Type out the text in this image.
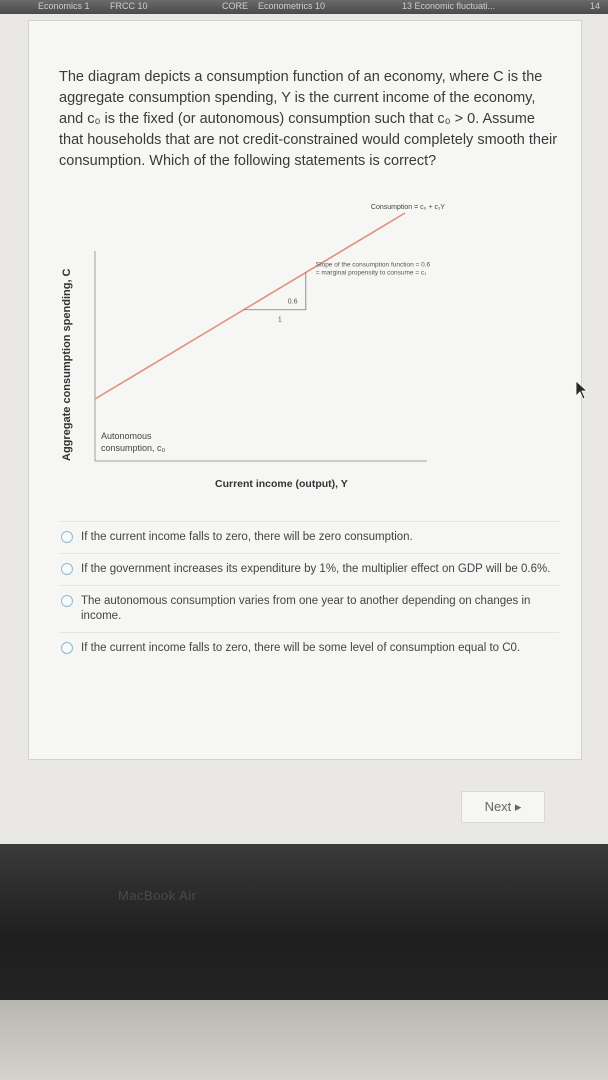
Economics 1 FRCC 10	CORE Econometrics 10	13 Economic fluctuati...	14

The diagram depicts a consumption function of an economy, where C is the aggregate consumption spending, Y is the current income of the economy, and c₀ is the fixed (or autonomous) consumption such that c₀ > 0. Assume that households that are not credit-constrained would completely smooth their consumption. Which of the following statements is correct?

Aggregate consumption spending, C	0.6
1
Consumption = c₀ + c₁Y
Slope of the consumption function = 0.6
= marginal propensity to consume = c₁
Autonomous
consumption, c₀
Current income (output), Y
If the current income falls to zero, there will be zero consumption.
If the government increases its expenditure by 1%, the multiplier effect on GDP will be 0.6%.
The autonomous consumption varies from one year to another depending on changes in income.
If the current income falls to zero, there will be some level of consumption equal to C0.
Next ▸
MacBook Air
